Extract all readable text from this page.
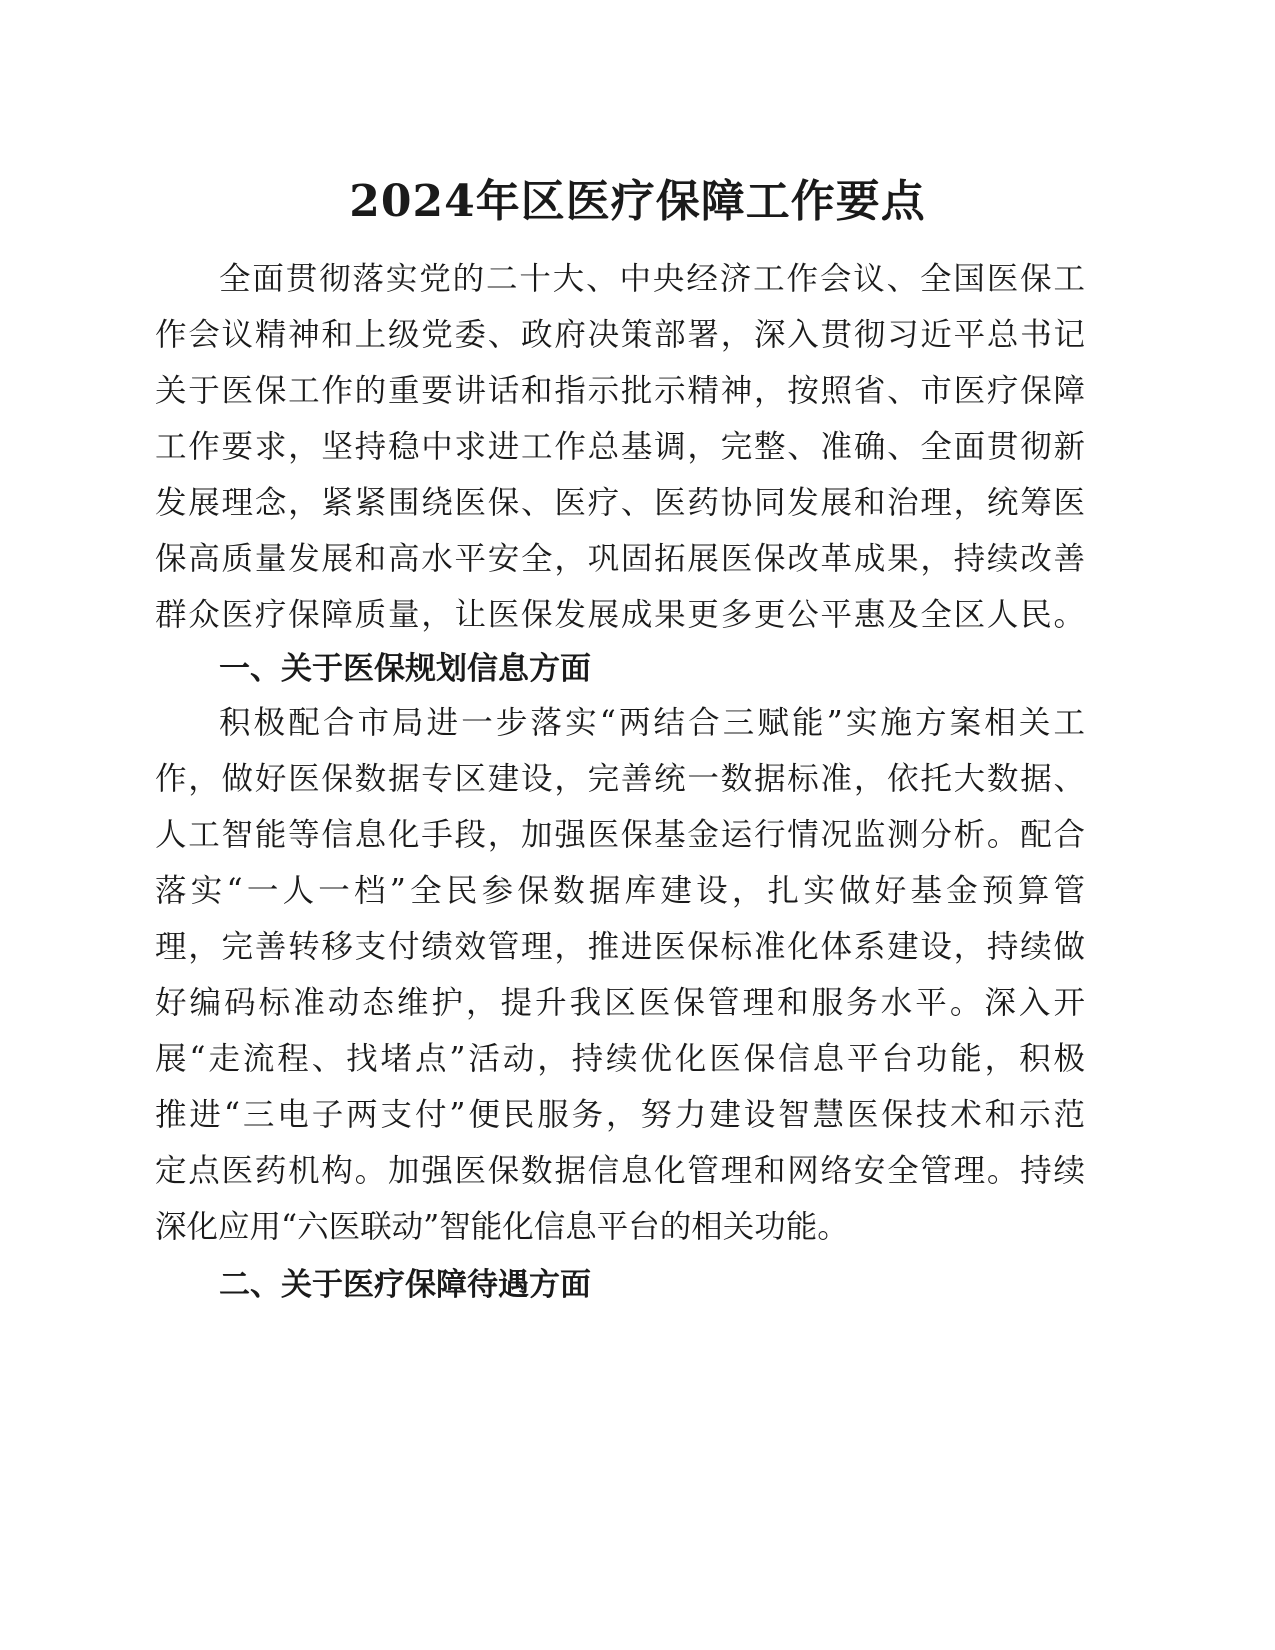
2024年区医疗保障工作要点

全面贯彻落实党的二十大、中央经济工作会议、全国医保工

作会议精神和上级党委、政府决策部署，深入贯彻习近平总书记

关于医保工作的重要讲话和指示批示精神，按照省、市医疗保障

工作要求，坚持稳中求进工作总基调，完整、准确、全面贯彻新

发展理念，紧紧围绕医保、医疗、医药协同发展和治理，统筹医

保高质量发展和高水平安全，巩固拓展医保改革成果，持续改善

群众医疗保障质量，让医保发展成果更多更公平惠及全区人民。

一、关于医保规划信息方面

积极配合市局进一步落实“两结合三赋能”实施方案相关工

作，做好医保数据专区建设，完善统一数据标准，依托大数据、

人工智能等信息化手段，加强医保基金运行情况监测分析。配合

落实“一人一档”全民参保数据库建设，扎实做好基金预算管

理，完善转移支付绩效管理，推进医保标准化体系建设，持续做

好编码标准动态维护，提升我区医保管理和服务水平。深入开

展“走流程、找堵点”活动，持续优化医保信息平台功能，积极

推进“三电子两支付”便民服务，努力建设智慧医保技术和示范

定点医药机构。加强医保数据信息化管理和网络安全管理。持续

深化应用“六医联动”智能化信息平台的相关功能。

二、关于医疗保障待遇方面
